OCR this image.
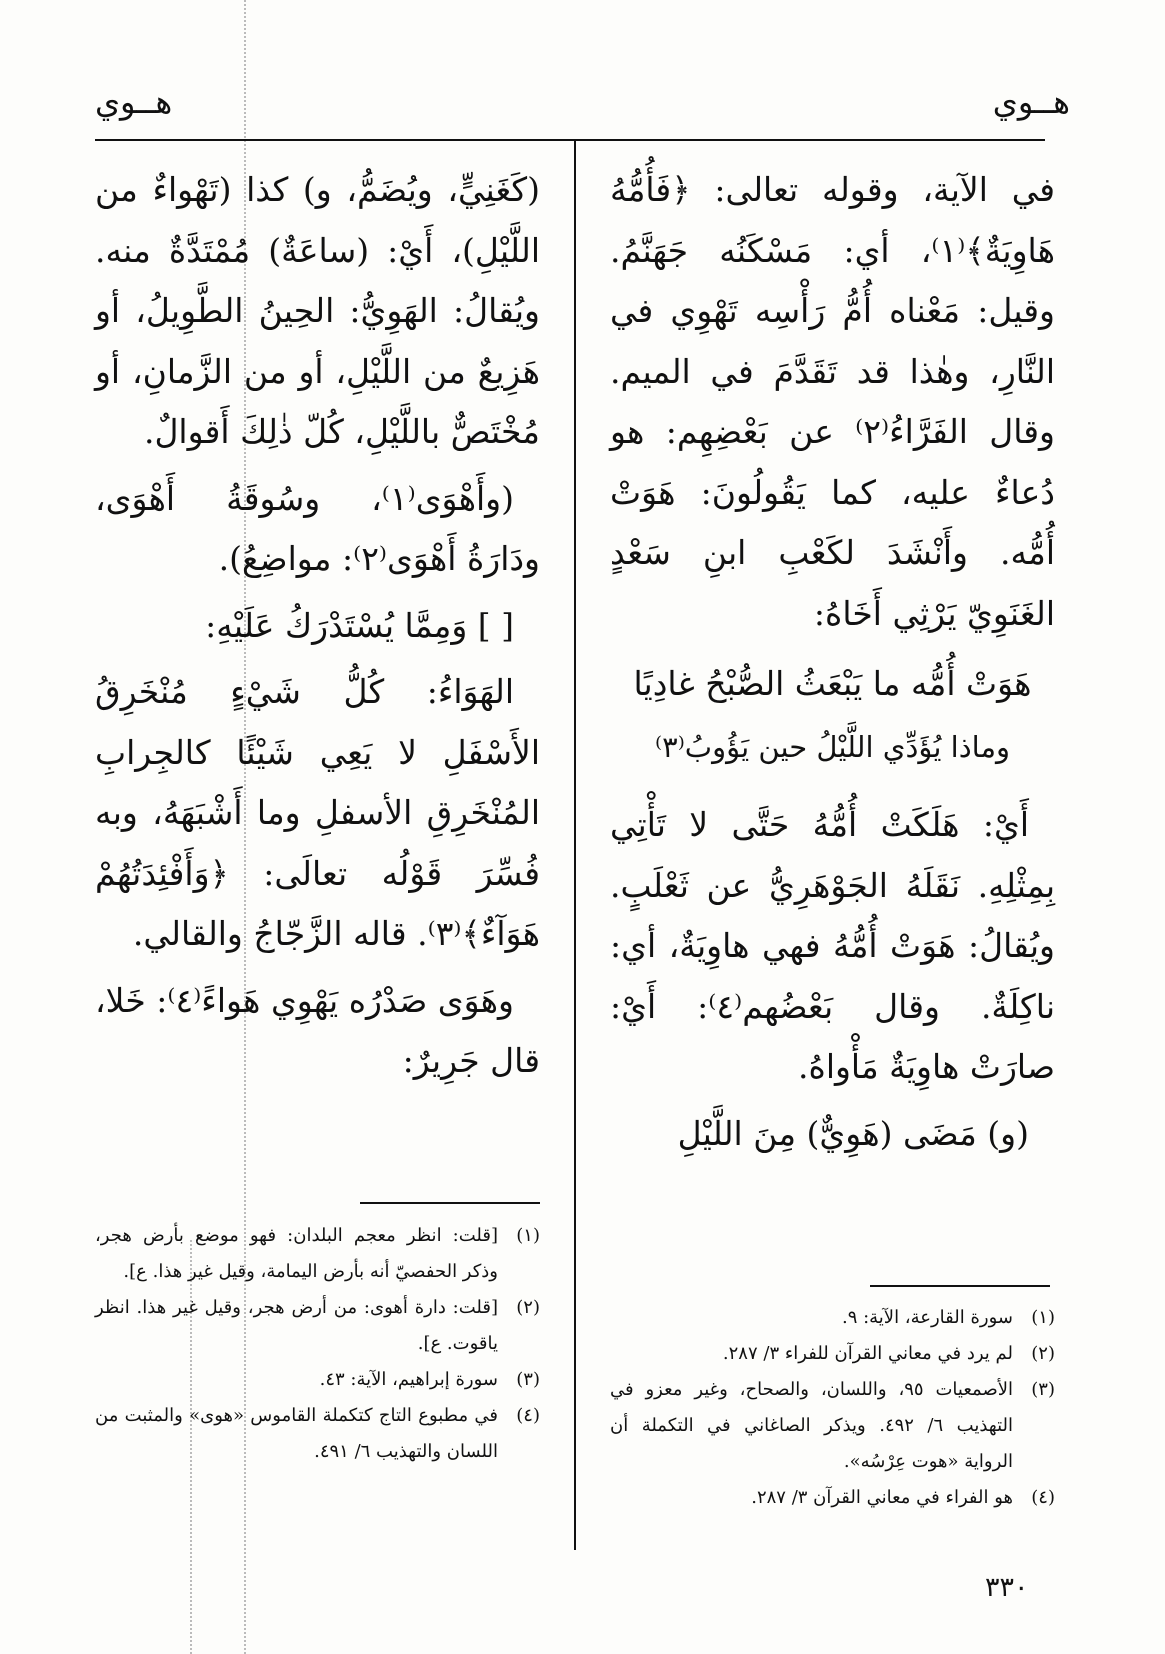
هــوي
هــوي

في الآية، وقوله تعالى: ﴿فَأُمُّهُ هَاوِيَةٌ﴾⁽١⁾، أي: مَسْكَنُه جَهَنَّمُ. وقيل: مَعْناه أُمُّ رَأْسِه تَهْوِي في النَّارِ، وهٰذا قد تَقَدَّمَ في الميم. وقال الفَرَّاءُ⁽٢⁾ عن بَعْضِهِم: هو دُعاءٌ عليه، كما يَقُولُونَ: هَوَتْ أُمُّه. وأَنْشَدَ لكَعْبِ ابنِ سَعْدٍ الغَنَوِيّ يَرْثِي أَخَاهُ:

هَوَتْ أُمُّه ما يَبْعَثُ الصُّبْحُ غادِيًا

وماذا يُؤَدِّي اللَّيْلُ حين يَؤُوبُ⁽٣⁾

أَيْ: هَلَكَتْ أُمُّهُ حَتَّى لا تَأْتِي بِمِثْلِهِ. نَقَلَهُ الجَوْهَرِيُّ عن ثَعْلَبٍ. ويُقالُ: هَوَتْ أُمُّهُ فهي هاوِيَةٌ، أي: ناكِلَةٌ. وقال بَعْضُهم⁽٤⁾: أَيْ: صارَتْ هاوِيَةٌ مَأْواهُ.

(و) مَضَى (هَوِيٌّ) مِنَ اللَّيْلِ

(كَغَنِيٍّ، ويُضَمُّ، و) كذا (تَهْواءٌ من اللَّيْلِ)، أَيْ: (ساعَةٌ) مُمْتَدَّةٌ منه. ويُقالُ: الهَوِيُّ: الحِينُ الطَّوِيلُ، أو هَزِيعٌ من اللَّيْلِ، أو من الزَّمانِ، أو مُخْتَصٌّ باللَّيْلِ، كُلّ ذٰلِكَ أَقوالٌ.

(وأَهْوَى⁽١⁾، وسُوقَةُ أَهْوَى، ودَارَةُ أَهْوَى⁽٢⁾: مواضِعُ).

[ ] وَمِمَّا يُسْتَدْرَكُ عَلَيْهِ:

الهَوَاءُ: كُلُّ شَيْءٍ مُنْخَرِقُ الأَسْفَلِ لا يَعِي شَيْئًا كالجِرابِ المُنْخَرِقِ الأسفلِ وما أَشْبَهَهُ، وبه فُسِّرَ قَوْلُه تعالَى: ﴿وَأَفْئِدَتُهُمْ هَوَآءٌ﴾⁽٣⁾. قاله الزَّجّاجُ والقالي.

وهَوَى صَدْرُه يَهْوِي هَواءً⁽٤⁾: خَلا، قال جَرِيرٌ:

(١)
سورة القارعة، الآية: ٩.

(٢)
لم يرد في معاني القرآن للفراء ٣/ ٢٨٧.

(٣)
الأصمعيات ٩٥، واللسان، والصحاح، وغير معزو في التهذيب ٦/ ٤٩٢. ويذكر الصاغاني في التكملة أن الرواية «هوت عِرْسُه».

(٤)
هو الفراء في معاني القرآن ٣/ ٢٨٧.

(١)
[قلت: انظر معجم البلدان: فهو موضع بأرض هجر، وذكر الحفصيّ أنه بأرض اليمامة، وقيل غير هذا. ع].

(٢)
[قلت: دارة أهوى: من أرض هجر، وقيل غير هذا. انظر ياقوت. ع].

(٣)
سورة إبراهيم، الآية: ٤٣.

(٤)
في مطبوع التاج كتكملة القاموس «هوى» والمثبت من اللسان والتهذيب ٦/ ٤٩١.

٣٣٠
